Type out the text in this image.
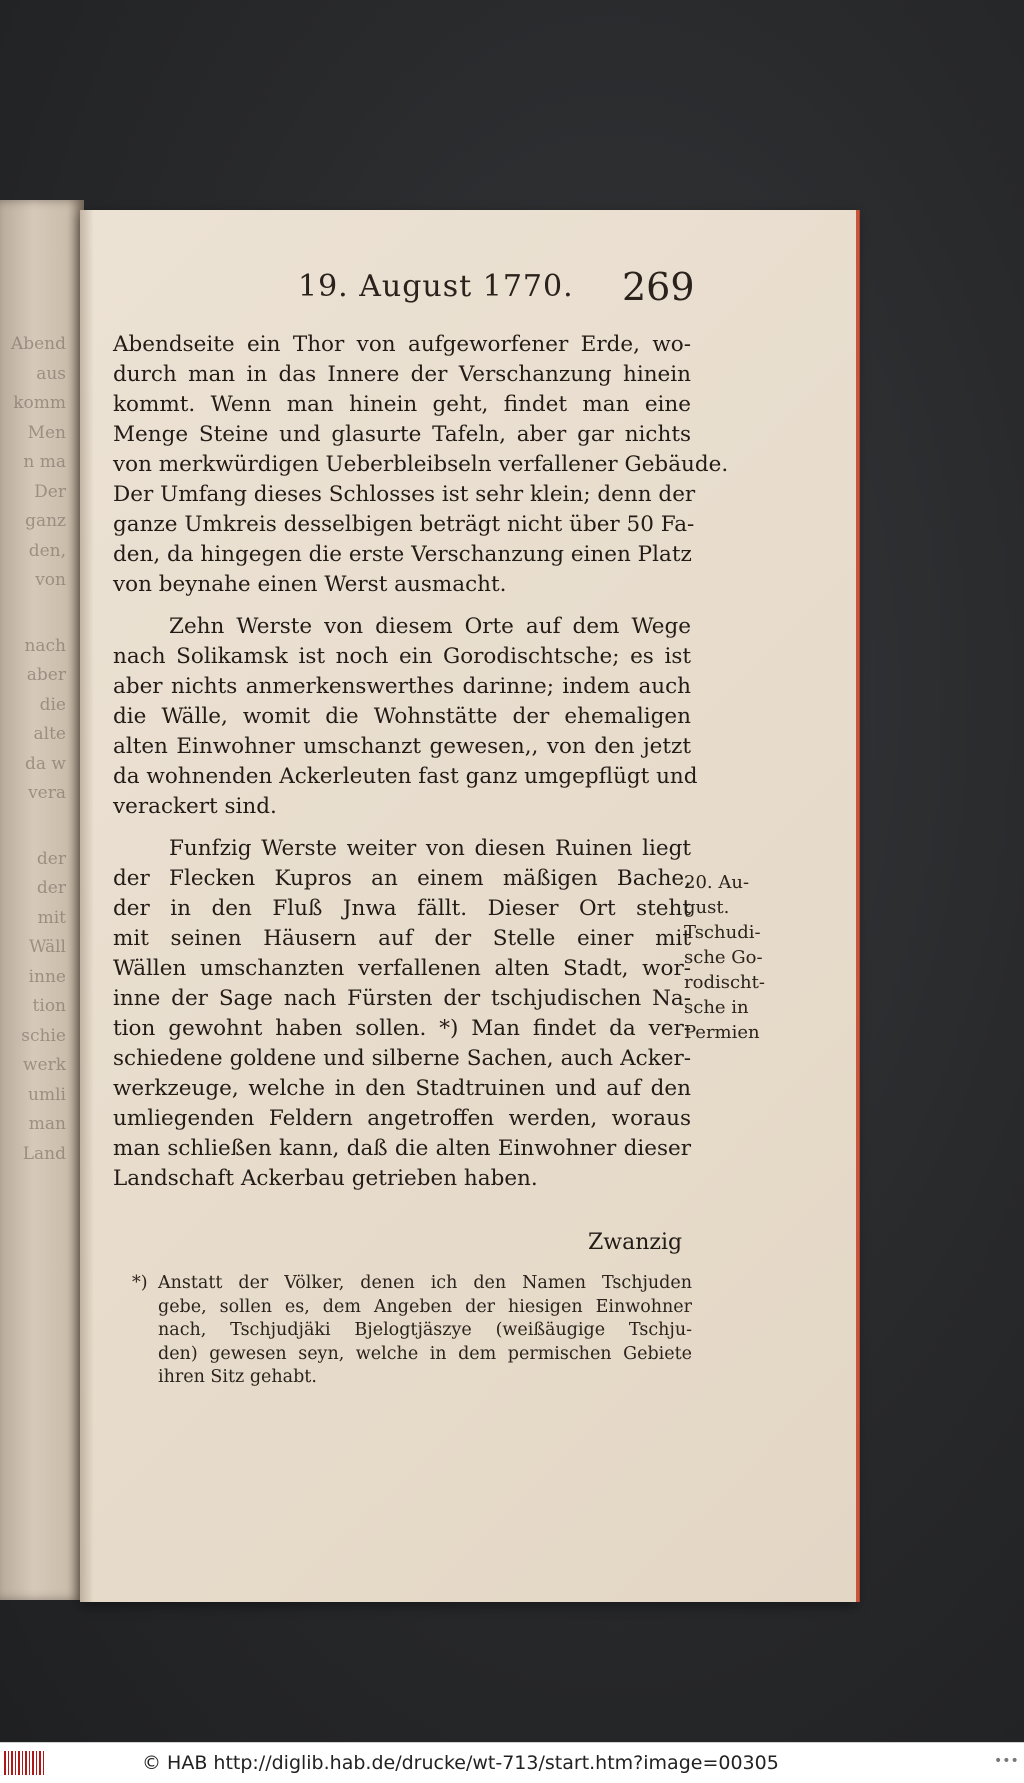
Abend
aus
komm
Men
n ma
Der
ganz
den,
von
nach
aber
die
alte
da w
vera
der
der
mit
Wäll
inne
tion
schie
werk
umli
man
Land
19. August 1770. 269
Abendseite ein Thor von aufgeworfener Erde, wo-
durch man in das Innere der Verschanzung hinein
kommt. Wenn man hinein geht, findet man eine
Menge Steine und glasurte Tafeln, aber gar nichts
von merkwürdigen Ueberbleibseln verfallener Gebäude.
Der Umfang dieses Schlosses ist sehr klein; denn der
ganze Umkreis desselbigen beträgt nicht über 50 Fa-
den, da hingegen die erste Verschanzung einen Platz
von beynahe einen Werst ausmacht.
Zehn Werste von diesem Orte auf dem Wege
nach Solikamsk ist noch ein Gorodischtsche; es ist
aber nichts anmerkenswerthes darinne; indem auch
die Wälle, womit die Wohnstätte der ehemaligen
alten Einwohner umschanzt gewesen,, von den jetzt
da wohnenden Ackerleuten fast ganz umgepflügt und
verackert sind.
Funfzig Werste weiter von diesen Ruinen liegt
der Flecken Kupros an einem mäßigen Bache,
der in den Fluß Jnwa fällt. Dieser Ort steht
mit seinen Häusern auf der Stelle einer mit
Wällen umschanzten verfallenen alten Stadt, wor-
inne der Sage nach Fürsten der tschjudischen Na-
tion gewohnt haben sollen. *) Man findet da ver-
schiedene goldene und silberne Sachen, auch Acker-
werkzeuge, welche in den Stadtruinen und auf den
umliegenden Feldern angetroffen werden, woraus
man schließen kann, daß die alten Einwohner dieser
Landschaft Ackerbau getrieben haben.
20. Au-
gust.
Tschudi-
sche Go-
rodischt-
sche in
Permien
Zwanzig
*) Anstatt der Völker, denen ich den Namen Tschjuden
gebe, sollen es, dem Angeben der hiesigen Einwohner
nach, Tschjudjäki Bjelogtjäszye (weißäugige Tschju-
den) gewesen seyn, welche in dem permischen Gebiete
ihren Sitz gehabt.
© HAB http://diglib.hab.de/drucke/wt-713/start.htm?image=00305	•••
